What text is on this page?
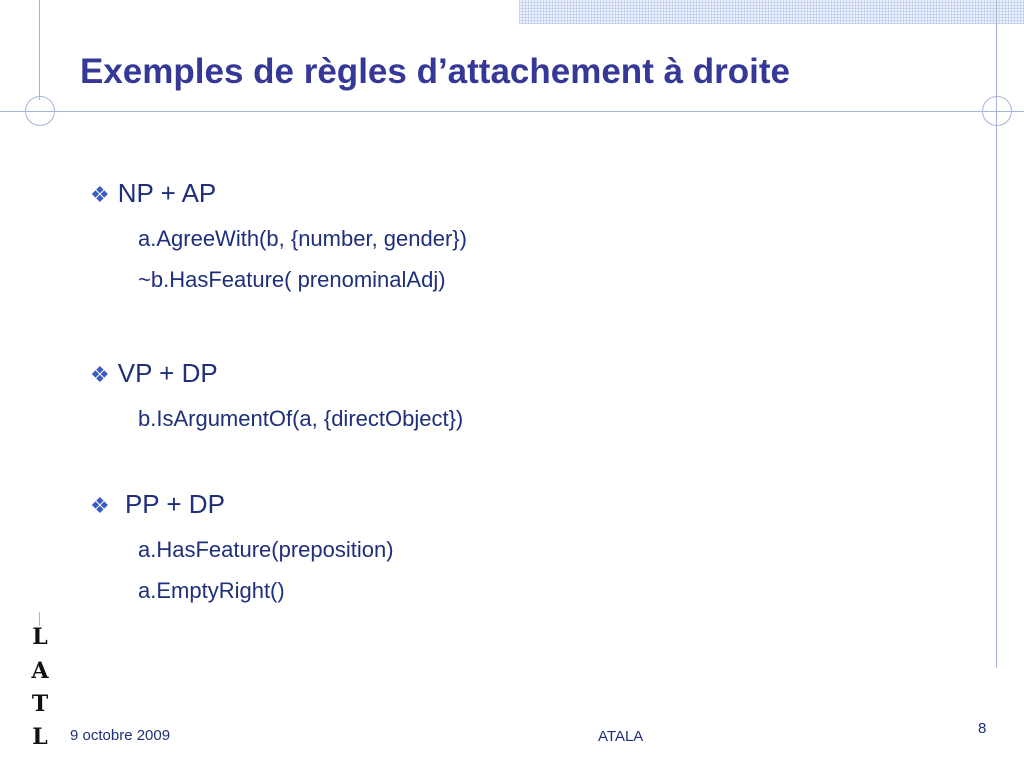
Exemples de règles d’attachement à droite
❖ NP + AP
a.AgreeWith(b, {number, gender})
~b.HasFeature( prenominalAdj)
❖ VP + DP
b.IsArgumentOf(a, {directObject})
❖ PP + DP
a.HasFeature(preposition)
a.EmptyRight()
L
A
T
L 9 octobre 2009	ATALA	8
